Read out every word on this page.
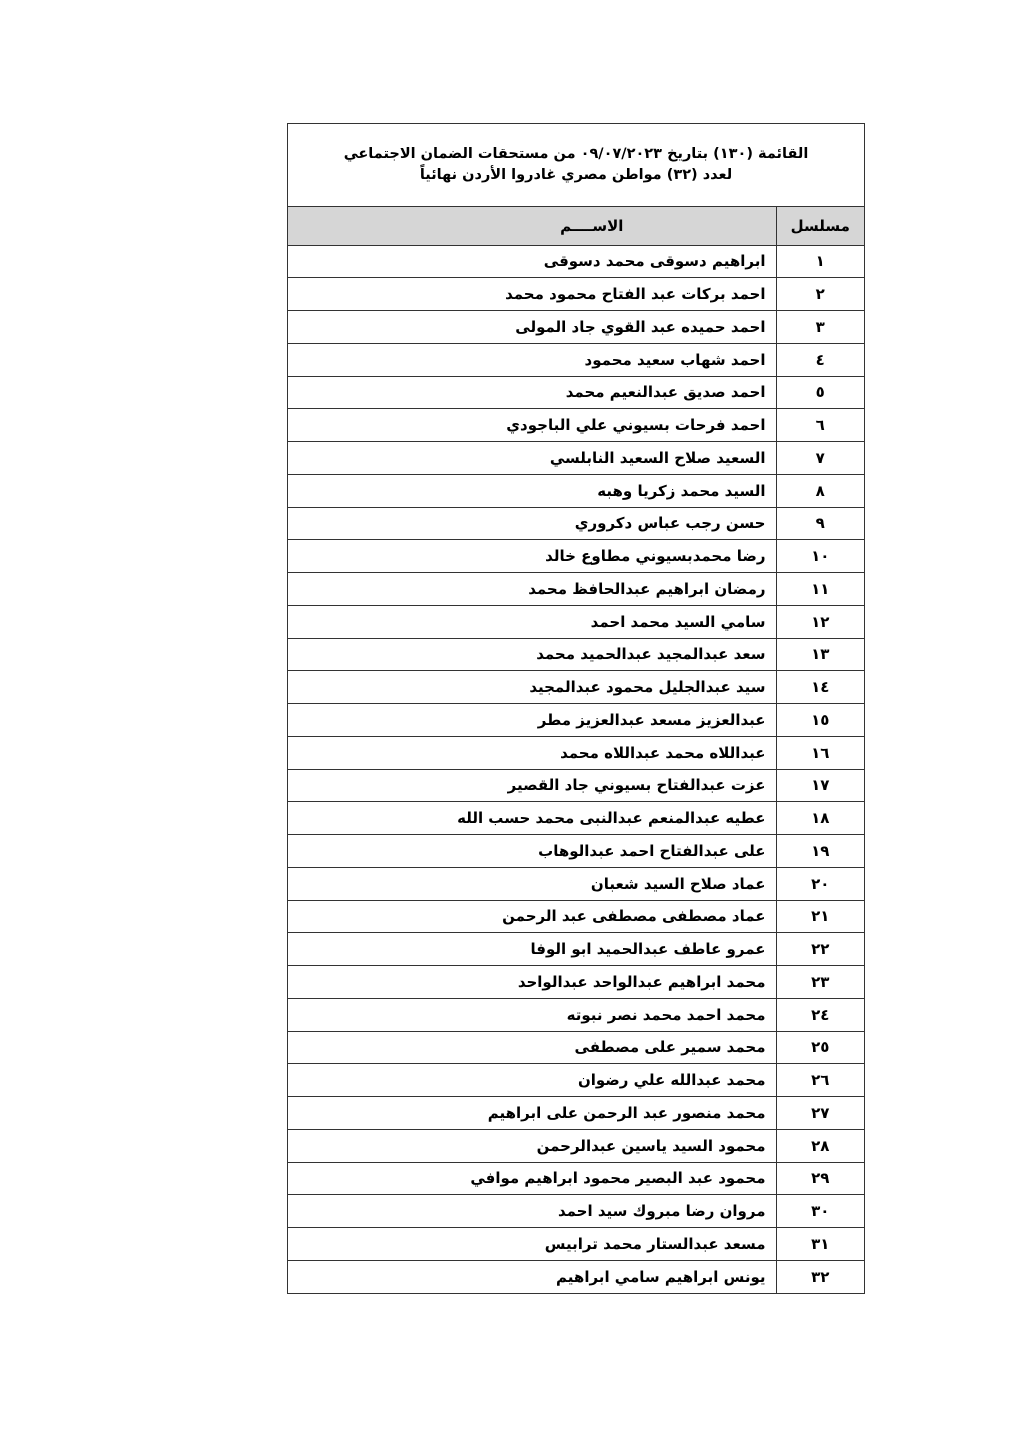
القائمة (١٣٠) بتاريخ ٠٩/٠٧/٢٠٢٣ من مستحقات الضمان الاجتماعي
لعدد (٣٢) مواطن مصري غادروا الأردن نهائياً
مسلسل	الاســــم
١	ابراهيم دسوقى محمد دسوقى
٢	احمد بركات عبد الفتاح محمود محمد
٣	احمد حميده عبد القوي جاد المولى
٤	احمد شهاب سعيد محمود
٥	احمد صديق عبدالنعيم محمد
٦	احمد فرحات بسيوني علي الباجودي
٧	السعيد صلاح السعيد النابلسي
٨	السيد محمد زكريا وهبه
٩	حسن رجب عباس دكروري
١٠	رضا محمدبسيوني مطاوع خالد
١١	رمضان ابراهيم عبدالحافظ محمد
١٢	سامي السيد محمد احمد
١٣	سعد عبدالمجيد عبدالحميد محمد
١٤	سيد عبدالجليل محمود عبدالمجيد
١٥	عبدالعزيز مسعد عبدالعزيز مطر
١٦	عبداللاه محمد عبداللاه محمد
١٧	عزت عبدالفتاح بسيوني جاد القصير
١٨	عطيه عبدالمنعم عبدالنبى محمد حسب الله
١٩	على عبدالفتاح احمد عبدالوهاب
٢٠	عماد صلاح السيد شعبان
٢١	عماد مصطفى مصطفى عبد الرحمن
٢٢	عمرو عاطف عبدالحميد ابو الوفا
٢٣	محمد ابراهيم عبدالواحد عبدالواحد
٢٤	محمد احمد محمد نصر نبوته
٢٥	محمد سمير على مصطفى
٢٦	محمد عبدالله علي رضوان
٢٧	محمد منصور عبد الرحمن على ابراهيم
٢٨	محمود السيد ياسين عبدالرحمن
٢٩	محمود عبد البصير محمود ابراهيم موافي
٣٠	مروان رضا مبروك سيد احمد
٣١	مسعد عبدالستار محمد ترابيس
٣٢	يونس ابراهيم سامي ابراهيم
